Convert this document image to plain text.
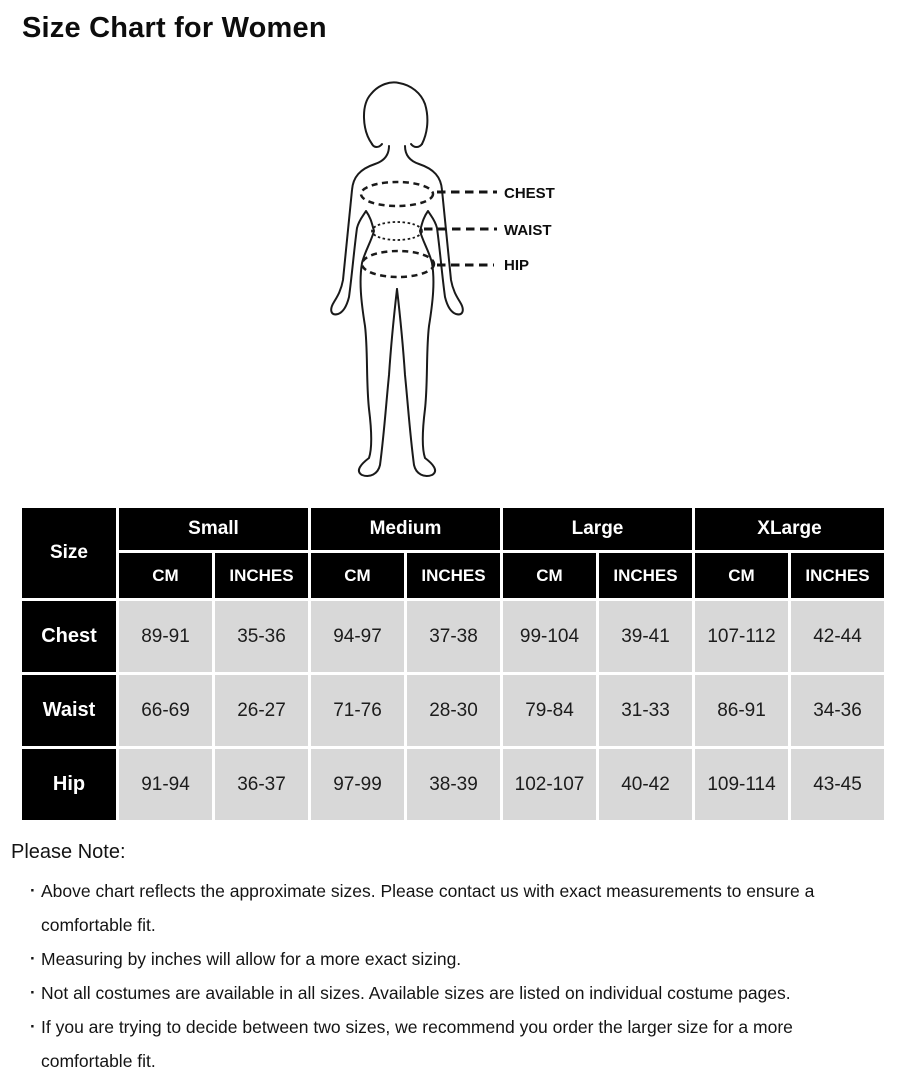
Size Chart for Women
CHEST
WAIST
HIP
Size	Small		Medium		Large		XLarge	
	CM	INCHES	CM	INCHES	CM	INCHES	CM	INCHES
Chest	89-91	35-36	94-97	37-38	99-104	39-41	107-112	42-44
Waist	66-69	26-27	71-76	28-30	79-84	31-33	86-91	34-36
Hip	91-94	36-37	97-99	38-39	102-107	40-42	109-114	43-45
Please Note:
· Above chart reflects the approximate sizes. Please contact us with exact measurements to ensure a comfortable fit.
· Measuring by inches will allow for a more exact sizing.
· Not all costumes are available in all sizes. Available sizes are listed on individual costume pages.
· If you are trying to decide between two sizes, we recommend you order the larger size for a more comfortable fit.
